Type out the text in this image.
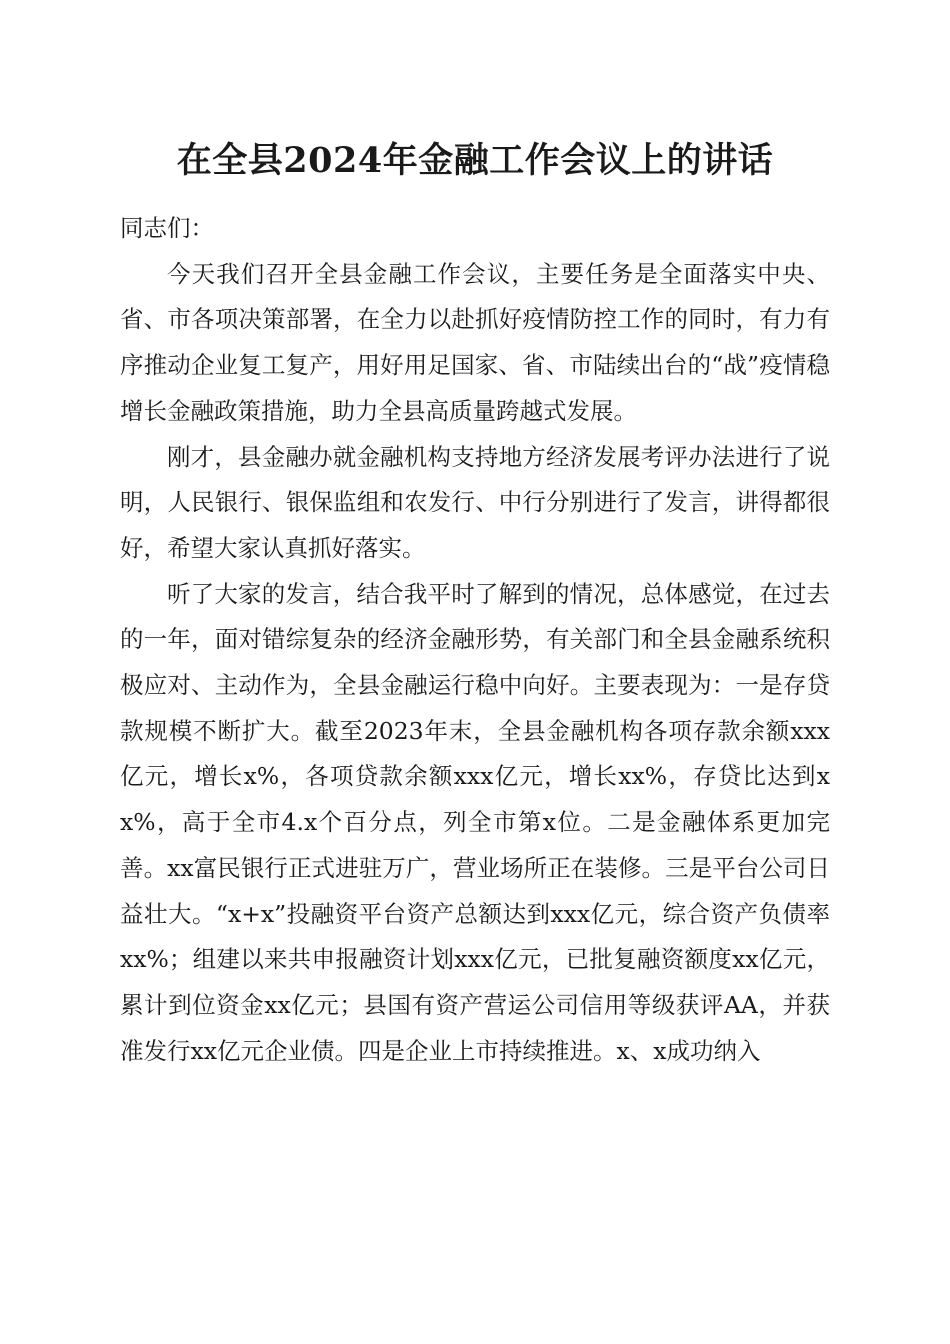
在全县2024年金融工作会议上的讲话

同志们：

今天我们召开全县金融工作会议，主要任务是全面落实中央、省、市各项决策部署，在全力以赴抓好疫情防控工作的同时，有力有序推动企业复工复产，用好用足国家、省、市陆续出台的“战”疫情稳增长金融政策措施，助力全县高质量跨越式发展。

刚才，县金融办就金融机构支持地方经济发展考评办法进行了说明，人民银行、银保监组和农发行、中行分别进行了发言，讲得都很好，希望大家认真抓好落实。

听了大家的发言，结合我平时了解到的情况，总体感觉，在过去的一年，面对错综复杂的经济金融形势，有关部门和全县金融系统积极应对、主动作为，全县金融运行稳中向好。主要表现为：一是存贷款规模不断扩大。截至2023年末，全县金融机构各项存款余额xxx亿元，增长x%，各项贷款余额xxx亿元，增长xx%，存贷比达到xx%，高于全市4.x个百分点，列全市第x位。二是金融体系更加完善。xx富民银行正式进驻万广，营业场所正在装修。三是平台公司日益壮大。“x+x”投融资平台资产总额达到xxx亿元，综合资产负债率xx%；组建以来共申报融资计划xxx亿元，已批复融资额度xx亿元，累计到位资金xx亿元；县国有资产营运公司信用等级获评AA，并获准发行xx亿元企业债。四是企业上市持续推进。x、x成功纳入
